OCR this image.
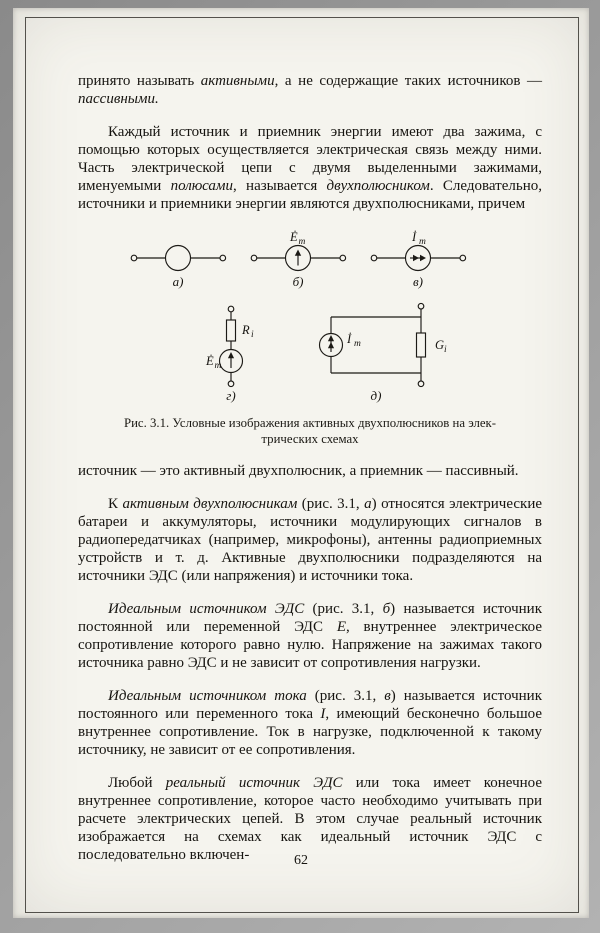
принято называть активными, а не содержащие таких источников — пассивными.

Каждый источник и приемник энергии имеют два зажима, с помощью которых осуществляется электрическая связь между ними. Часть электрической цепи с двумя выделенными зажимами, именуемыми полюсами, называется двухполюсником. Следовательно, источники и приемники энергии являются двухполюсниками, причем

а)
Ė т
б)
İ т
в)
R i
Ė т
г)
İ т	G i
д)
Рис. 3.1. Условные изображения активных двухполюсников на элек-
трических схемах

источник — это активный двухполюсник, а приемник — пассивный.

К активным двухполюсникам (рис. 3.1, а) относятся электрические батареи и аккумуляторы, источники модулирующих сигналов в радиопередатчиках (например, микрофоны), антенны радиоприемных устройств и т. д. Активные двухполюсники подразделяются на источники ЭДС (или напряжения) и источники тока.

Идеальным источником ЭДС (рис. 3.1, б) называется источник постоянной или переменной ЭДС Е, внутреннее электрическое сопротивление которого равно нулю. Напряжение на зажимах такого источника равно ЭДС и не зависит от сопротивления нагрузки.

Идеальным источником тока (рис. 3.1, в) называется источник постоянного или переменного тока I, имеющий бесконечно большое внутреннее сопротивление. Ток в нагрузке, подключенной к такому источнику, не зависит от ее сопротивления.

Любой реальный источник ЭДС или тока имеет конечное внутреннее сопротивление, которое часто необходимо учитывать при расчете электрических цепей. В этом случае реальный источник изображается на схемах как идеальный источник ЭДС с последовательно включен-	62
